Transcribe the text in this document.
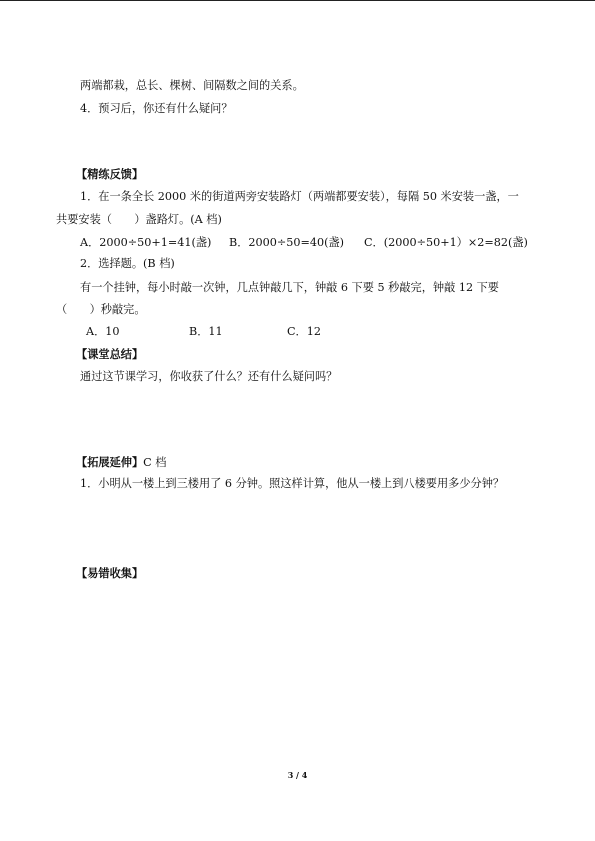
两端都栽，总长、棵树、间隔数之间的关系。
4．预习后，你还有什么疑问？
【精练反馈】
1．在一条全长 2000 米的街道两旁安装路灯（两端都要安装），每隔 50 米安装一盏，一
共要安装（　　）盏路灯。(A 档)
A．2000÷50+1=41(盏) B．2000÷50=40(盏) C．(2000÷50+1）×2=82(盏)
2．选择题。(B 档)
有一个挂钟，每小时敲一次钟，几点钟敲几下，钟敲 6 下要 5 秒敲完，钟敲 12 下要
（　　）秒敲完。
A．10	B．11	C．12
【课堂总结】
通过这节课学习，你收获了什么？还有什么疑问吗？
【拓展延伸】C 档
1．小明从一楼上到三楼用了 6 分钟。照这样计算，他从一楼上到八楼要用多少分钟？
【易错收集】
3 / 4
